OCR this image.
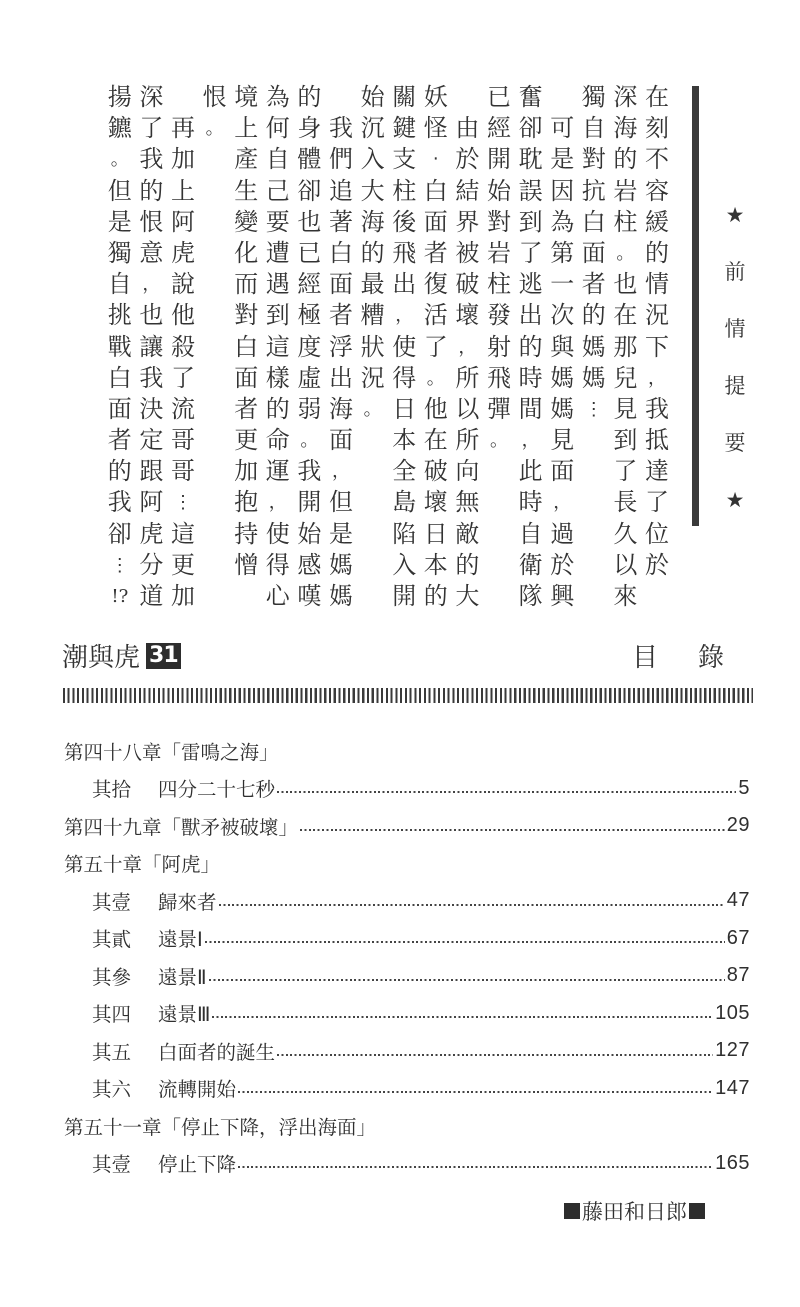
在
刻
不
容
緩
的
情
況
下
，
我
抵
達
了
位
於
深
海
的
岩
柱
。
也
在
那
兒
見
到
了
長
久
以
來
獨
自
對
抗
白
面
者
的
媽
媽
⋮

可
是
因
為
第
一
次
與
媽
媽
見
面
，
過
於
興
奮
卻
耽
誤
到
了
逃
出
的
時
間
，
此
時
自
衛
隊
已
經
開
始
對
岩
柱
發
射
飛
彈
。

由
於
結
界
被
破
壞
，
所
以
所
向
無
敵
的
大
妖
怪
‧
白
面
者
復
活
了
。
他
在
破
壞
日
本
的
關
鍵
支
柱
後
飛
出
，
使
得
日
本
全
島
陷
入
開
始
沉
入
大
海
的
最
糟
狀
況
。

我
們
追
著
白
面
者
浮
出
海
面
，
但
是
媽
媽
的
身
體
卻
也
已
經
極
度
虛
弱
。
我
開
始
感
嘆
為
何
自
己
要
遭
遇
到
這
樣
的
命
運
，
使
得
心
境
上
產
生
變
化
而
對
白
面
者
更
加
抱
持
憎
恨
。

再
加
上
阿
虎
說
他
殺
了
流
哥
哥
⋮
這
更
加
深
了
我
的
恨
意
，
也
讓
我
決
定
跟
阿
虎
分
道
揚
鑣
。
但
是
獨
自
挑
戰
白
面
者
的
我
卻
⋮
!?
★
前
情
提
要
★
潮與虎 31	目錄
第四十八章「雷鳴之海」
其拾	四分二十七秒	5
第四十九章「獸矛被破壞」	29
第五十章「阿虎」
其壹	歸來者	47
其貳	遠景Ⅰ	67
其參	遠景Ⅱ	87
其四	遠景Ⅲ	105
其五	白面者的誕生	127
其六	流轉開始	147
第五十一章「停止下降，浮出海面」
其壹	停止下降	165
藤田和日郎
